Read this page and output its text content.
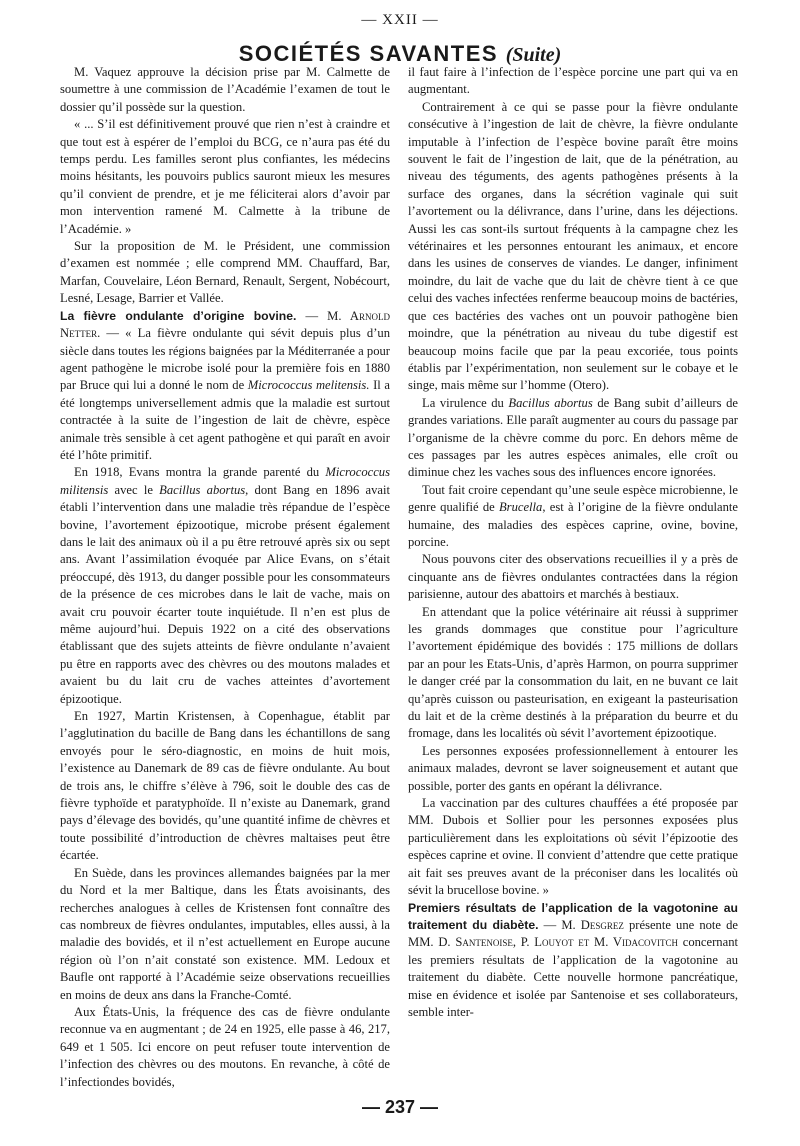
— XXII —
SOCIÉTÉS SAVANTES (Suite)

M. Vaquez approuve la décision prise par M. Calmette de soumettre à une commission de l’Académie l’examen de tout le dossier qu’il possède sur la question.

« ... S’il est définitivement prouvé que rien n’est à craindre et que tout est à espérer de l’emploi du BCG, ce n’aura pas été du temps perdu. Les familles seront plus confiantes, les médecins moins hésitants, les pouvoirs publics sauront mieux les mesures qu’il convient de prendre, et je me féliciterai alors d’avoir par mon intervention ramené M. Calmette à la tribune de l’Académie. »

Sur la proposition de M. le Président, une commission d’examen est nommée ; elle comprend MM. Chauffard, Bar, Marfan, Couvelaire, Léon Bernard, Renault, Sergent, Nobécourt, Lesné, Lesage, Barrier et Vallée.

La fièvre ondulante d’origine bovine. — M. Arnold Netter. — « La fièvre ondulante qui sévit depuis plus d’un siècle dans toutes les régions baignées par la Méditerranée a pour agent pathogène le microbe isolé pour la première fois en 1880 par Bruce qui lui a donné le nom de Micrococcus melitensis. Il a été longtemps universellement admis que la maladie est surtout contractée à la suite de l’ingestion de lait de chèvre, espèce animale très sensible à cet agent pathogène et qui paraît en avoir été l’hôte primitif.

En 1918, Evans montra la grande parenté du Micrococcus militensis avec le Bacillus abortus, dont Bang en 1896 avait établi l’intervention dans une maladie très répandue de l’espèce bovine, l’avortement épizootique, microbe présent également dans le lait des animaux où il a pu être retrouvé après six ou sept ans. Avant l’assimilation évoquée par Alice Evans, on s’était préoccupé, dès 1913, du danger possible pour les consommateurs de la présence de ces microbes dans le lait de vache, mais on avait cru pouvoir écarter toute inquiétude. Il n’en est plus de même aujourd’hui. Depuis 1922 on a cité des observations établissant que des sujets atteints de fièvre ondulante n’avaient pu être en rapports avec des chèvres ou des moutons malades et avaient bu du lait cru de vaches atteintes d’avortement épizootique.

En 1927, Martin Kristensen, à Copenhague, établit par l’agglutination du bacille de Bang dans les échantillons de sang envoyés pour le séro-diagnostic, en moins de huit mois, l’existence au Danemark de 89 cas de fièvre ondulante. Au bout de trois ans, le chiffre s’élève à 796, soit le double des cas de fièvre typhoïde et paratyphoïde. Il n’existe au Danemark, grand pays d’élevage des bovidés, qu’une quantité infime de chèvres et toute possibilité d’introduction de chèvres maltaises peut être écartée.

En Suède, dans les provinces allemandes baignées par la mer du Nord et la mer Baltique, dans les États avoisinants, des recherches analogues à celles de Kristensen font connaître des cas nombreux de fièvres ondulantes, imputables, elles aussi, à la maladie des bovidés, et il n’est actuellement en Europe aucune région où l’on n’ait constaté son existence. MM. Ledoux et Baufle ont rapporté à l’Académie seize observations recueillies en moins de deux ans dans la Franche-Comté.

Aux États-Unis, la fréquence des cas de fièvre ondulante reconnue va en augmentant ; de 24 en 1925, elle passe à 46, 217, 649 et 1 505. Ici encore on peut refuser toute intervention de l’infection des chèvres ou des moutons. En revanche, à côté de l’infectiondes bovidés,

il faut faire à l’infection de l’espèce porcine une part qui va en augmentant.

Contrairement à ce qui se passe pour la fièvre ondulante consécutive à l’ingestion de lait de chèvre, la fièvre ondulante imputable à l’infection de l’espèce bovine paraît être moins souvent le fait de l’ingestion de lait, que de la pénétration, au niveau des téguments, des agents pathogènes présents à la surface des organes, dans la sécrétion vaginale qui suit l’avortement ou la délivrance, dans l’urine, dans les déjections. Aussi les cas sont-ils surtout fréquents à la campagne chez les vétérinaires et les personnes entourant les animaux, et encore dans les usines de conserves de viandes. Le danger, infiniment moindre, du lait de vache que du lait de chèvre tient à ce que celui des vaches infectées renferme beaucoup moins de bactéries, que ces bactéries des vaches ont un pouvoir pathogène bien moindre, que la pénétration au niveau du tube digestif est beaucoup moins facile que par la peau excoriée, tous points établis par l’expérimentation, non seulement sur le cobaye et le singe, mais même sur l’homme (Otero).

La virulence du Bacillus abortus de Bang subit d’ailleurs de grandes variations. Elle paraît augmenter au cours du passage par l’organisme de la chèvre comme du porc. En dehors même de ces passages par les autres espèces animales, elle croît ou diminue chez les vaches sous des influences encore ignorées.

Tout fait croire cependant qu’une seule espèce microbienne, le genre qualifié de Brucella, est à l’origine de la fièvre ondulante humaine, des maladies des espèces caprine, ovine, bovine, porcine.

Nous pouvons citer des observations recueillies il y a près de cinquante ans de fièvres ondulantes contractées dans la région parisienne, autour des abattoirs et marchés à bestiaux.

En attendant que la police vétérinaire ait réussi à supprimer les grands dommages que constitue pour l’agriculture l’avortement épidémique des bovidés : 175 millions de dollars par an pour les Etats-Unis, d’après Harmon, on pourra supprimer le danger créé par la consommation du lait, en ne buvant ce lait qu’après cuisson ou pasteurisation, en exigeant la pasteurisation du lait et de la crème destinés à la préparation du beurre et du fromage, dans les localités où sévit l’avortement épizootique.

Les personnes exposées professionnellement à entourer les animaux malades, devront se laver soigneusement et autant que possible, porter des gants en opérant la délivrance.

La vaccination par des cultures chauffées a été proposée par MM. Dubois et Sollier pour les personnes exposées plus particulièrement dans les exploitations où sévit l’épizootie des espèces caprine et ovine. Il convient d’attendre que cette pratique ait fait ses preuves avant de la préconiser dans les localités où sévit la brucellose bovine. »

Premiers résultats de l’application de la vagotonine au traitement du diabète. — M. Desgrez présente une note de MM. D. Santenoise, P. Louyot et M. Vidacovitch concernant les premiers résultats de l’application de la vagotonine au traitement du diabète. Cette nouvelle hormone pancréatique, mise en évidence et isolée par Santenoise et ses collaborateurs, semble inter-

— 237 —
